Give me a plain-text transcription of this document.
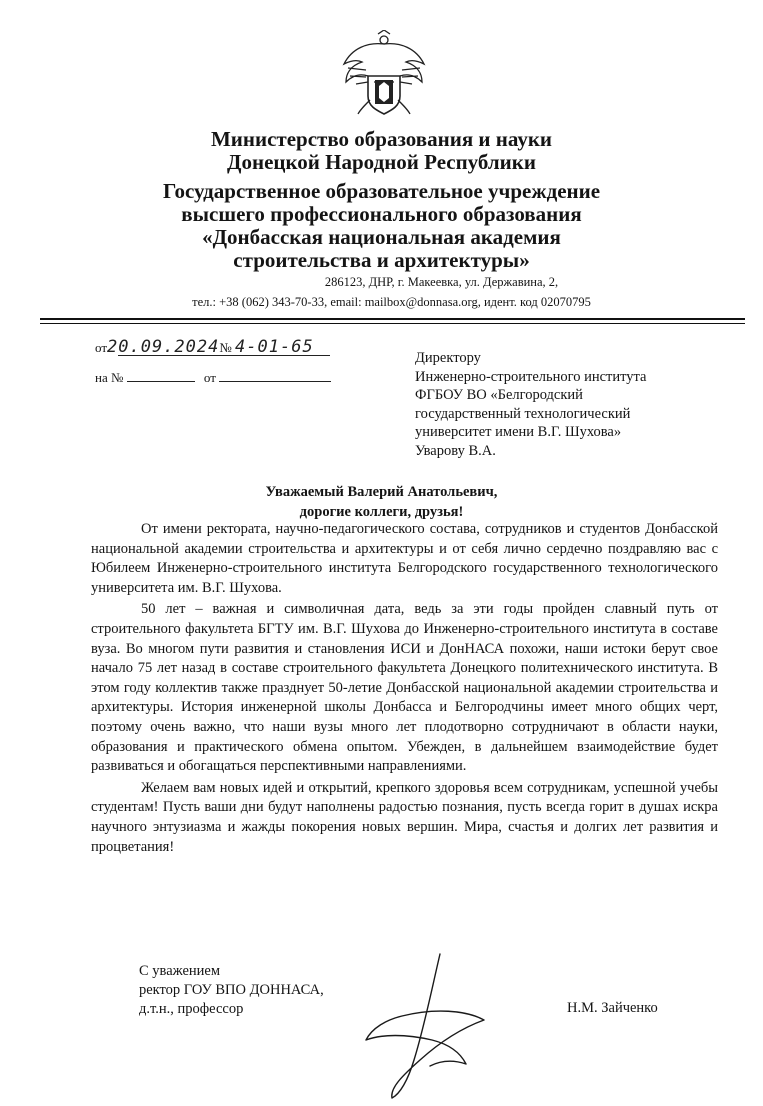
Министерство образования и науки
Донецкой Народной Республики
Государственное образовательное учреждение
высшего профессионального образования
«Донбасская национальная академия
строительства и архитектуры»
286123, ДНР, г. Макеевка, ул. Державина, 2,
тел.: +38 (062) 343-70-33, email: mailbox@donnasa.org, идент. код 02070795
от20.09.2024№ 4-01-65
на №	от
Директору
Инженерно-строительного института
ФГБОУ ВО «Белгородский
государственный технологический
университет имени В.Г. Шухова»
Уварову В.А.
Уважаемый Валерий Анатольевич,
дорогие коллеги, друзья!

От имени ректората, научно-педагогического состава, сотрудников и студентов Донбасской национальной академии строительства и архитектуры и от себя лично сердечно поздравляю вас с Юбилеем Инженерно-строительного института Белгородского государственного технологического университета им. В.Г. Шухова.

50 лет – важная и символичная дата, ведь за эти годы пройден славный путь от строительного факультета БГТУ им. В.Г. Шухова до Инженерно-строительного института в составе вуза. Во многом пути развития и становления ИСИ и ДонНАСА похожи, наши истоки берут свое начало 75 лет назад в составе строительного факультета Донецкого политехнического института. В этом году коллектив также празднует 50-летие Донбасской национальной академии строительства и архитектуры. История инженерной школы Донбасса и Белгородчины имеет много общих черт, поэтому очень важно, что наши вузы много лет плодотворно сотрудничают в области науки, образования и практического обмена опытом. Убежден, в дальнейшем взаимодействие будет развиваться и обогащаться перспективными направлениями.

Желаем вам новых идей и открытий, крепкого здоровья всем сотрудникам, успешной учебы студентам! Пусть ваши дни будут наполнены радостью познания, пусть всегда горит в душах искра научного энтузиазма и жажды покорения новых вершин. Мира, счастья и долгих лет развития и процветания!

С уважением
ректор ГОУ ВПО ДОННАСА,
д.т.н., профессор	Н.М. Зайченко
